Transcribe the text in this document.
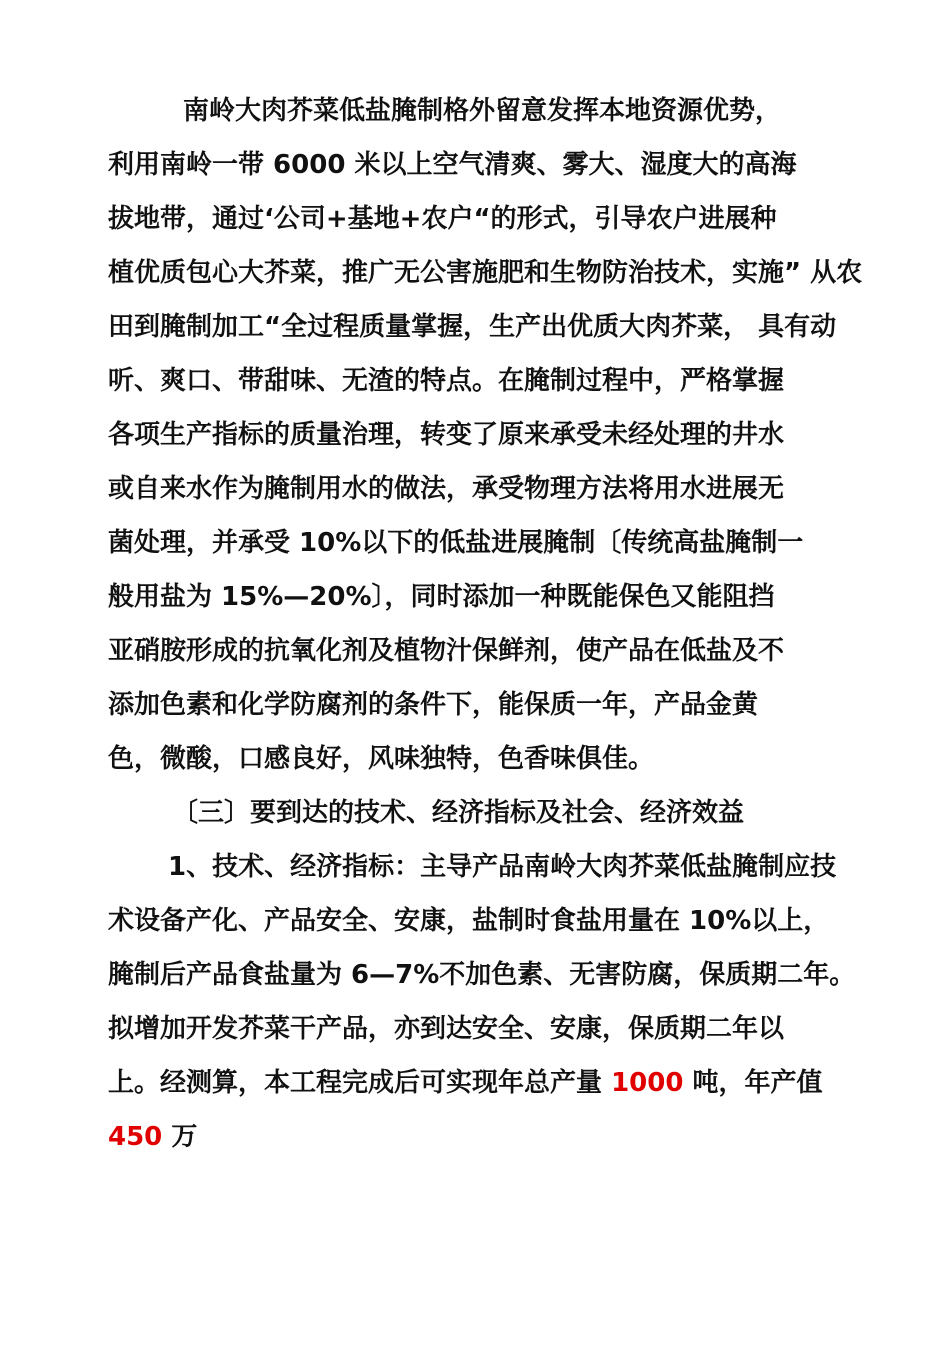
南岭大肉芥菜低盐腌制格外留意发挥本地资源优势，
利用南岭一带 6000 米以上空气清爽、雾大、湿度大的高海
拔地带，通过‘公司+基地+农户“的形式，引导农户进展种
植优质包心大芥菜，推广无公害施肥和生物防治技术，实施” 从农
田到腌制加工“全过程质量掌握，生产出优质大肉芥菜， 具有动
听、爽口、带甜味、无渣的特点。在腌制过程中，严格掌握
各项生产指标的质量治理，转变了原来承受未经处理的井水
或自来水作为腌制用水的做法，承受物理方法将用水进展无
菌处理，并承受 10%以下的低盐进展腌制〔传统高盐腌制一
般用盐为 15%—20%〕，同时添加一种既能保色又能阻挡
亚硝胺形成的抗氧化剂及植物汁保鲜剂，使产品在低盐及不
添加色素和化学防腐剂的条件下，能保质一年，产品金黄
色，微酸，口感良好，风味独特，色香味俱佳。
〔三〕要到达的技术、经济指标及社会、经济效益
1、技术、经济指标：主导产品南岭大肉芥菜低盐腌制应技
术设备产化、产品安全、安康，盐制时食盐用量在 10%以上，
腌制后产品食盐量为 6—7%不加色素、无害防腐，保质期二年。
拟增加开发芥菜干产品，亦到达安全、安康，保质期二年以
上。经测算，本工程完成后可实现年总产量 1000 吨，年产值
450 万
